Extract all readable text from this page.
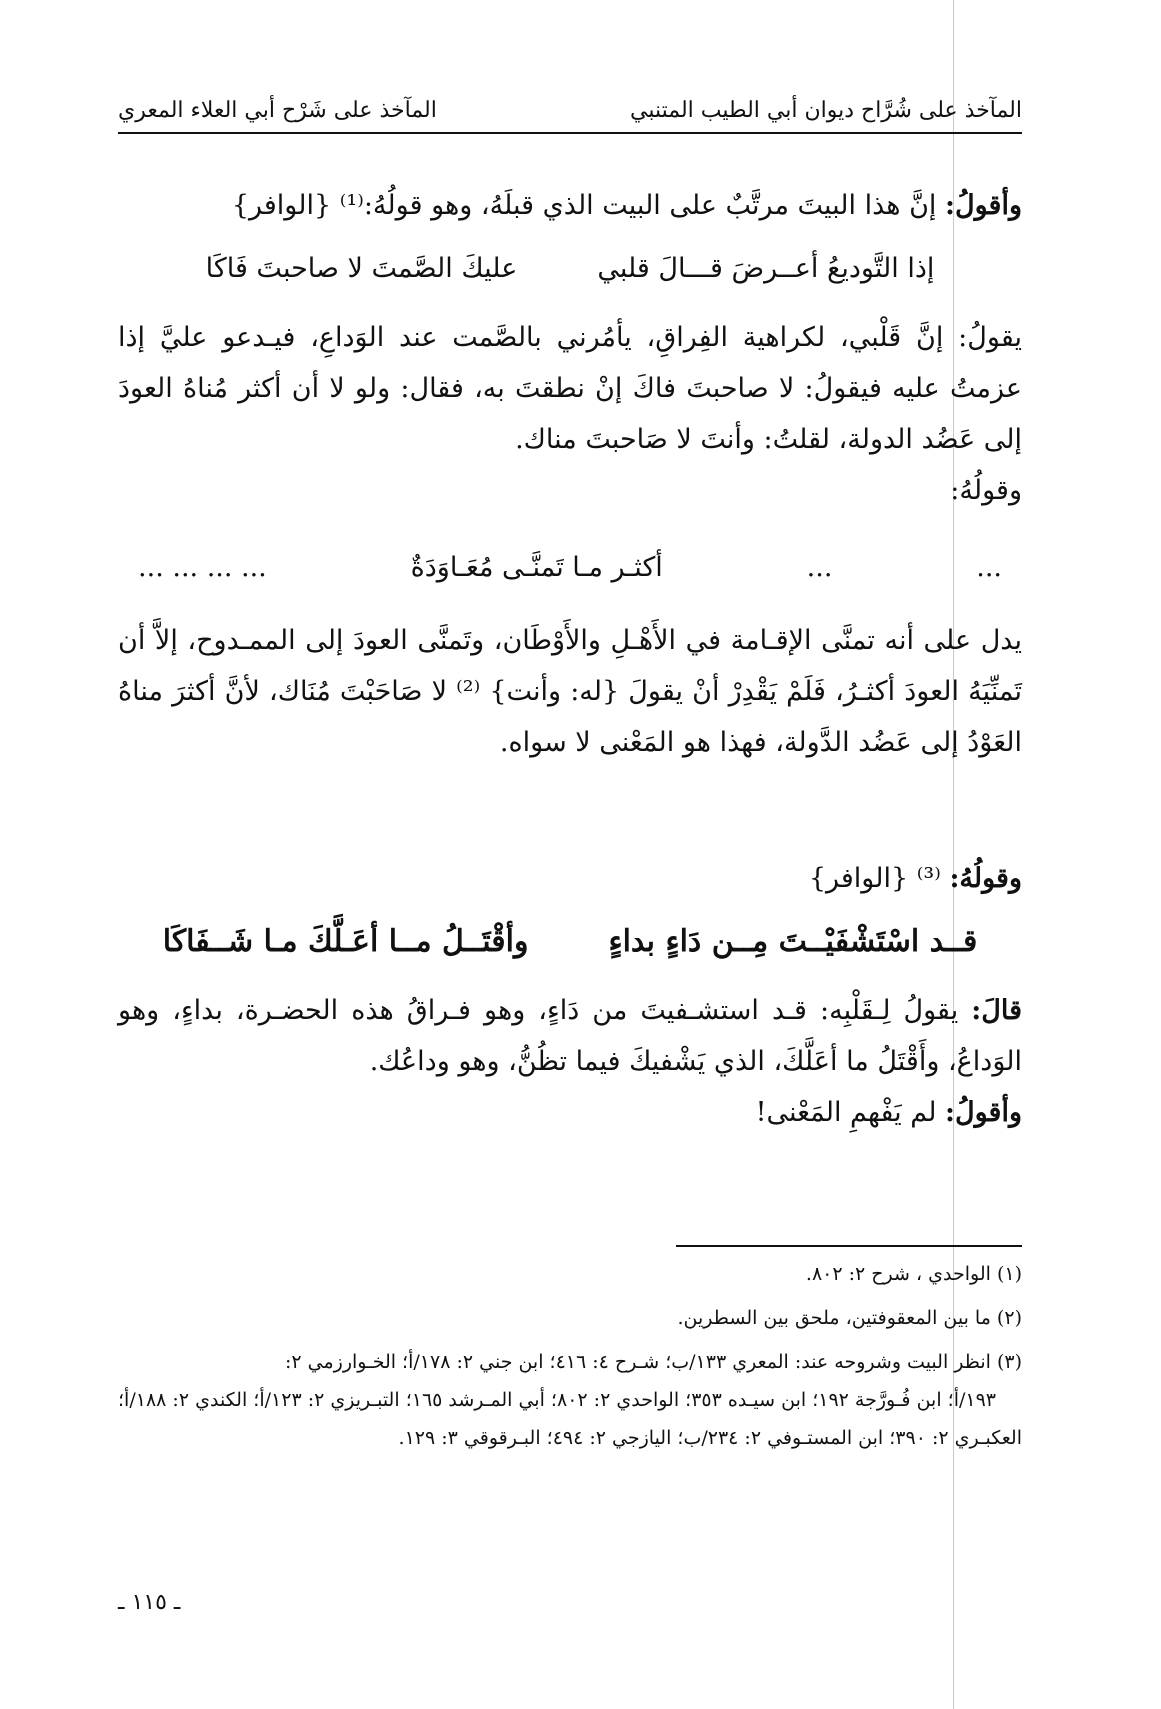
المآخذ على شُرَّاح ديوان أبي الطيب المتنبي
المآخذ على شَرْح أبي العلاء المعري

وأقولُ: إنَّ هذا البيتَ مرتَّبٌ على البيت الذي قبلَهُ، وهو قولُهُ:⁽¹⁾ {الوافر}

إذا التَّوديعُ أعــرضَ قـــالَ قلبي
عليكَ الصَّمتَ لا صاحبتَ فَاكَا

يقولُ: إنَّ قَلْبي، لكراهية الفِراقِ، يأمُرني بالصَّمت عند الوَداعِ، فيـدعو عليَّ إذا عزمتُ عليه فيقولُ: لا صاحبتَ فاكَ إنْ نطقتَ به، فقال: ولو لا أن أكثر مُناهُ العودَ إلى عَضُد الدولة، لقلتُ: وأنتَ لا صَاحبتَ مناك.

وقولُهُ:

...
...
أكثـر مـا تَمنَّـى مُعَـاوَدَةٌ
... ... ... ...

يدل على أنه تمنَّى الإقـامة في الأَهْـلِ والأَوْطَان، وتَمنَّى العودَ إلى الممـدوح، إلاَّ أن تَمنِّيَهُ العودَ أكثـرُ، فَلَمْ يَقْدِرْ أنْ يقولَ {له: وأنت} ⁽²⁾ لا صَاحَبْتَ مُنَاك، لأنَّ أكثرَ مناهُ العَوْدُ إلى عَضُد الدَّولة، فهذا هو المَعْنى لا سواه.

وقولُهُ: ⁽³⁾ {الوافر}

قــد اسْتَشْفَيْــتَ مِــن دَاءٍ بداءٍ
وأقْتَــلُ مــا أعَـلَّكَ مـا شَــفَاكَا

قالَ: يقولُ لِـقَلْبِه: قـد استشـفيتَ من دَاءٍ، وهو فـراقُ هذه الحضـرة، بداءٍ، وهو الوَداعُ، وأَقْتَلُ ما أعَلَّكَ، الذي يَشْفيكَ فيما تظُنُّ، وهو وداعُك.

وأقولُ: لم يَفْهمِ المَعْنى!

(١) الواحدي ، شرح ٢: ٨٠٢.

(٢) ما بين المعقوفتين، ملحق بين السطرين.

(٣) انظر البيت وشروحه عند: المعري ١٣٣/ب؛ شـرح ٤: ٤١٦؛ ابن جني ٢: ١٧٨/أ؛ الخـوارزمي ٢:
١٩٣/أ؛ ابن فُـورَّجة ١٩٢؛ ابن سيـده ٣٥٣؛ الواحدي ٢: ٨٠٢؛ أبي المـرشد ١٦٥؛ التبـريزي ٢: ١٢٣/أ؛ الكندي ٢: ١٨٨/أ؛ العكبـري ٢: ٣٩٠؛ ابن المستـوفي ٢: ٢٣٤/ب؛ اليازجي ٢: ٤٩٤؛ البـرقوقي ٣: ١٢٩.

ـ ١١٥ ـ
